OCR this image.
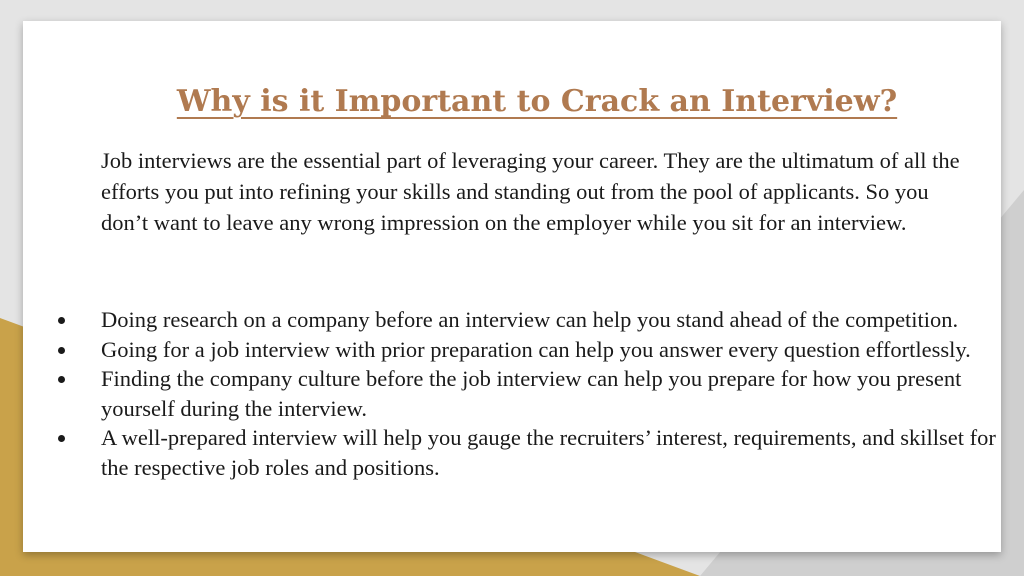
Why is it Important to Crack an Interview?

Job interviews are the essential part of leveraging your career. They are the ultimatum of all the efforts you put into refining your skills and standing out from the pool of applicants. So you don’t want to leave any wrong impression on the employer while you sit for an interview.

Doing research on a company before an interview can help you stand ahead of the competition.
Going for a job interview with prior preparation can help you answer every question effortlessly.
Finding the company culture before the job interview can help you prepare for how you present yourself during the interview.
A well-prepared interview will help you gauge the recruiters’ interest, requirements, and skillset for the respective job roles and positions.
